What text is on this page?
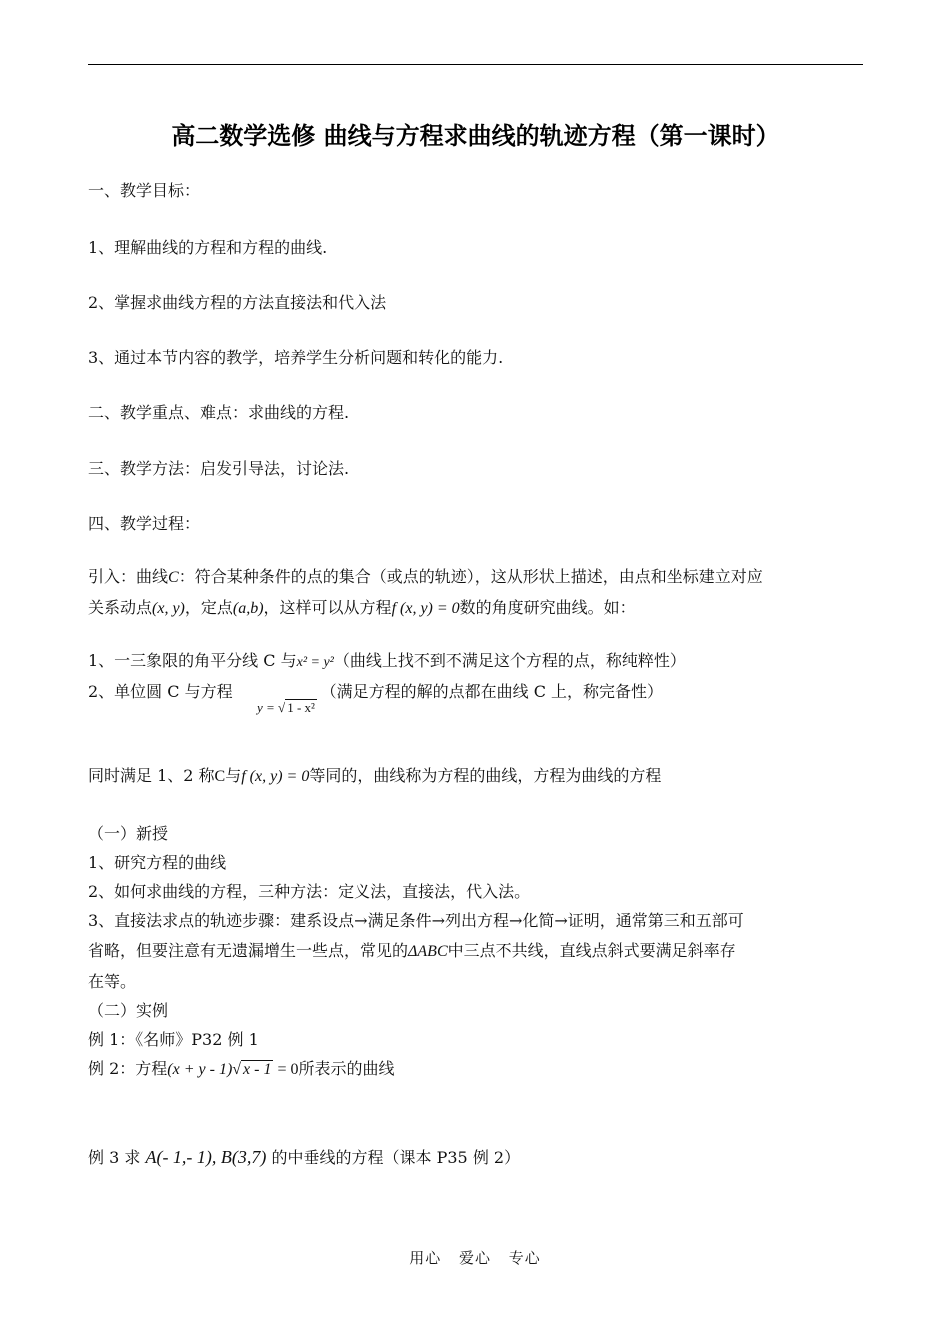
高二数学选修 曲线与方程求曲线的轨迹方程（第一课时）
一、教学目标：
1、理解曲线的方程和方程的曲线.
2、掌握求曲线方程的方法直接法和代入法
3、通过本节内容的教学，培养学生分析问题和转化的能力.
二、教学重点、难点：求曲线的方程.
三、教学方法：启发引导法，讨论法.
四、教学过程：
引入：曲线C：符合某种条件的点的集合（或点的轨迹），这从形状上描述，由点和坐标建立对应
关系动点(x, y)，定点(a,b)，这样可以从方程f (x, y) = 0数的角度研究曲线。如：
1、一三象限的角平分线 C 与x² = y²（曲线上找不到不满足这个方程的点，称纯粹性）
2、单位圆 C 与方程	（满足方程的解的点都在曲线 C 上，称完备性）
y = √ 1 - x²
同时满足 1、2 称C与f (x, y) = 0等同的，曲线称为方程的曲线，方程为曲线的方程
（一）新授
1、研究方程的曲线
2、如何求曲线的方程，三种方法：定义法，直接法，代入法。
3、直接法求点的轨迹步骤：建系设点→满足条件→列出方程→化简→证明，通常第三和五部可
省略，但要注意有无遗漏增生一些点，常见的ΔABC中三点不共线，直线点斜式要满足斜率存
在等。
（二）实例
例 1：《名师》P32 例 1
例 2：方程(x + y - 1)√ x - 1 = 0所表示的曲线
例 3 求 A(- 1,- 1), B(3,7) 的中垂线的方程（课本 P35 例 2）
用心 爱心 专心
